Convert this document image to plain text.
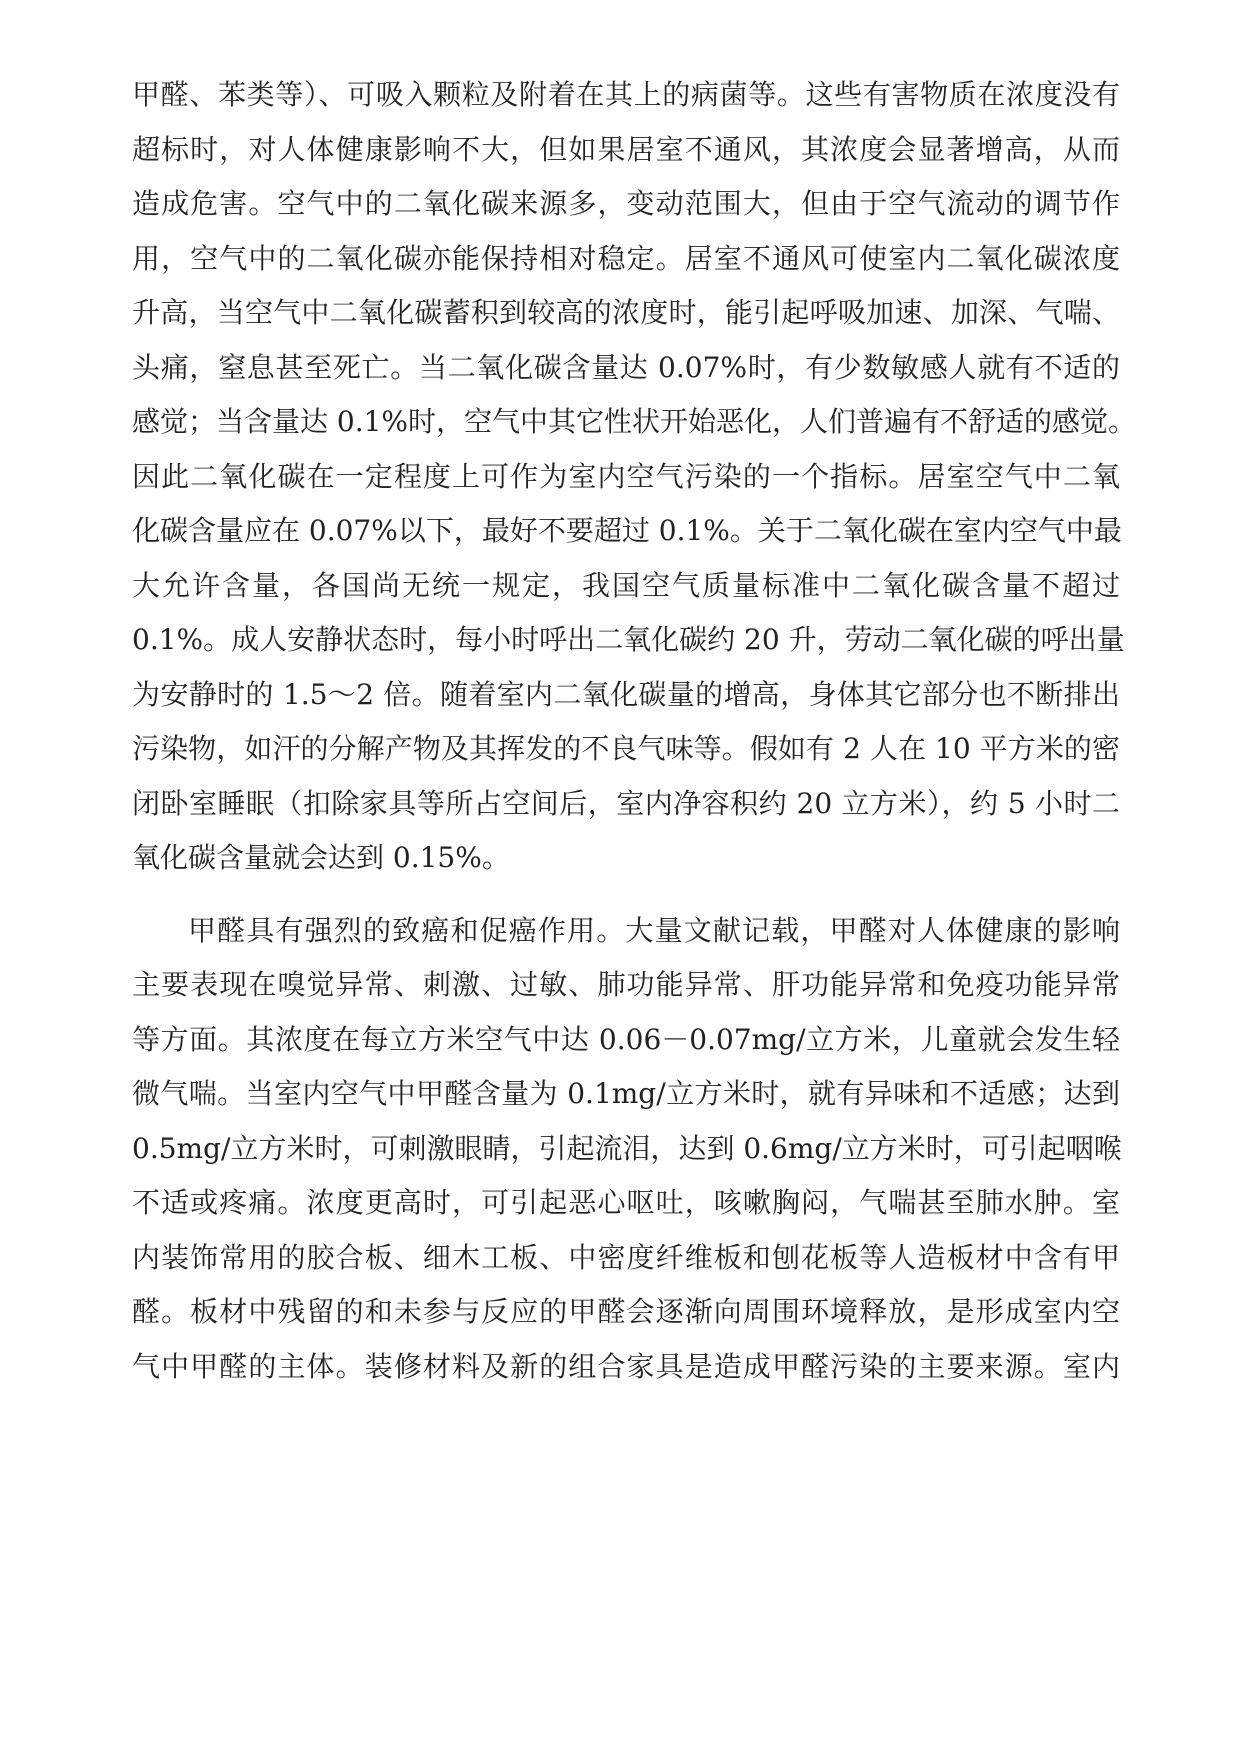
甲醛、苯类等）、可吸入颗粒及附着在其上的病菌等。这些有害物质在浓度没有
超标时，对人体健康影响不大，但如果居室不通风，其浓度会显著增高，从而
造成危害。空气中的二氧化碳来源多，变动范围大，但由于空气流动的调节作
用，空气中的二氧化碳亦能保持相对稳定。居室不通风可使室内二氧化碳浓度
升高，当空气中二氧化碳蓄积到较高的浓度时，能引起呼吸加速、加深、气喘、
头痛，窒息甚至死亡。当二氧化碳含量达 0.07%时，有少数敏感人就有不适的
感觉；当含量达 0.1%时，空气中其它性状开始恶化，人们普遍有不舒适的感觉。
因此二氧化碳在一定程度上可作为室内空气污染的一个指标。居室空气中二氧
化碳含量应在 0.07%以下，最好不要超过 0.1%。关于二氧化碳在室内空气中最
大允许含量，各国尚无统一规定，我国空气质量标准中二氧化碳含量不超过
0.1%。成人安静状态时，每小时呼出二氧化碳约 20 升，劳动二氧化碳的呼出量
为安静时的 1.5～2 倍。随着室内二氧化碳量的增高，身体其它部分也不断排出
污染物，如汗的分解产物及其挥发的不良气味等。假如有 2 人在 10 平方米的密
闭卧室睡眠（扣除家具等所占空间后，室内净容积约 20 立方米），约 5 小时二
氧化碳含量就会达到 0.15%。
甲醛具有强烈的致癌和促癌作用。大量文献记载，甲醛对人体健康的影响
主要表现在嗅觉异常、刺激、过敏、肺功能异常、肝功能异常和免疫功能异常
等方面。其浓度在每立方米空气中达 0.06－0.07mg/立方米，儿童就会发生轻
微气喘。当室内空气中甲醛含量为 0.1mg/立方米时，就有异味和不适感；达到
0.5mg/立方米时，可刺激眼睛，引起流泪，达到 0.6mg/立方米时，可引起咽喉
不适或疼痛。浓度更高时，可引起恶心呕吐，咳嗽胸闷，气喘甚至肺水肿。室
内装饰常用的胶合板、细木工板、中密度纤维板和刨花板等人造板材中含有甲
醛。板材中残留的和未参与反应的甲醛会逐渐向周围环境释放，是形成室内空
气中甲醛的主体。装修材料及新的组合家具是造成甲醛污染的主要来源。室内
